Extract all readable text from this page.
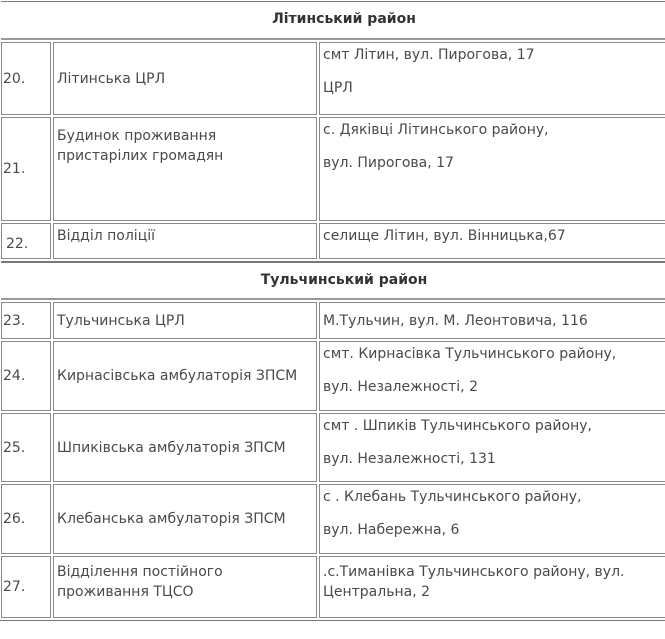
Літинський район		
20.	Літинська ЦРЛ	смт Літин, вул. Пирогова, 17
ЦРЛ

21.	Будинок проживання
пристарілих громадян	с. Дяківці Літинського району,
вул. Пирогова, 17

22.	Відділ поліції	селище Літин, вул. Вінницька,67
Тульчинський район		
23.	Тульчинська ЦРЛ	М.Тульчин, вул. М. Леонтовича, 116
24.	Кирнасівська амбулаторія ЗПСМ	смт. Кирнасівка Тульчинського району,
вул. Незалежності, 2

25.	Шпиківська амбулаторія ЗПСМ	смт . Шпиків Тульчинського району,
вул. Незалежності, 131

26.	Клебанська амбулаторія ЗПСМ	с . Клебань Тульчинського району,
вул. Набережна, 6

27.	Відділення постійного
проживання ТЦСО	.с.Тиманівка Тульчинського району, вул.
Центральна, 2
